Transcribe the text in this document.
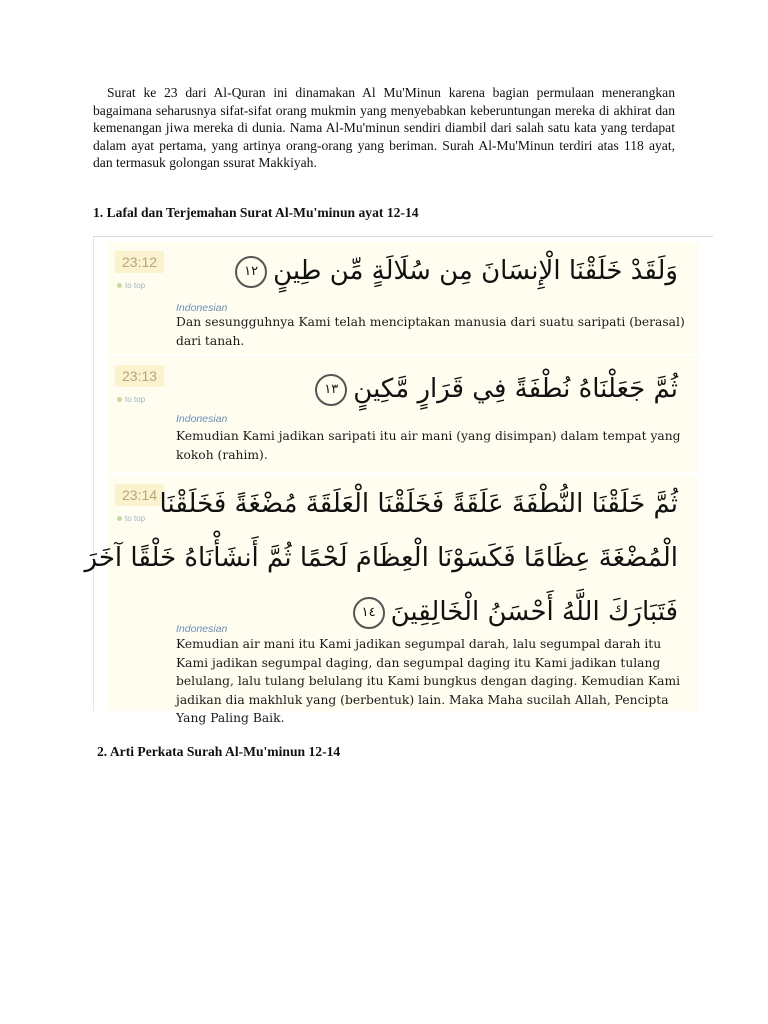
Surat ke 23 dari Al-Quran ini dinamakan Al Mu'Minun karena bagian permulaan menerangkan bagaimana seharusnya sifat-sifat orang mukmin yang menyebabkan keberuntungan mereka di akhirat dan kemenangan jiwa mereka di dunia. Nama Al-Mu'minun sendiri diambil dari salah satu kata yang terdapat dalam ayat pertama, yang artinya orang-orang yang beriman. Surah Al-Mu'Minun terdiri atas 118 ayat, dan termasuk golongan ssurat Makkiyah.

1. Lafal dan Terjemahan Surat Al-Mu'minun ayat 12-14

23:12
to top	وَلَقَدْ خَلَقْنَا الْإِنسَانَ مِن سُلَالَةٍ مِّن طِينٍ١٢
Indonesian
Dan sesungguhnya Kami telah menciptakan manusia dari suatu saripati (berasal) dari tanah.
23:13
to top	ثُمَّ جَعَلْنَاهُ نُطْفَةً فِي قَرَارٍ مَّكِينٍ١٣
Indonesian
Kemudian Kami jadikan saripati itu air mani (yang disimpan) dalam tempat yang kokoh (rahim).
23:14
to top ثُمَّ خَلَقْنَا النُّطْفَةَ عَلَقَةً فَخَلَقْنَا الْعَلَقَةَ مُضْغَةً فَخَلَقْنَا
الْمُضْغَةَ عِظَامًا فَكَسَوْنَا الْعِظَامَ لَحْمًا ثُمَّ أَنشَأْنَاهُ خَلْقًا آخَرَ
فَتَبَارَكَ اللَّهُ أَحْسَنُ الْخَالِقِينَ١٤
Indonesian
Kemudian air mani itu Kami jadikan segumpal darah, lalu segumpal darah itu Kami jadikan segumpal daging, dan segumpal daging itu Kami jadikan tulang belulang, lalu tulang belulang itu Kami bungkus dengan daging. Kemudian Kami jadikan dia makhluk yang (berbentuk) lain. Maka Maha sucilah Allah, Pencipta Yang Paling Baik.

2. Arti Perkata Surah Al-Mu'minun 12-14
